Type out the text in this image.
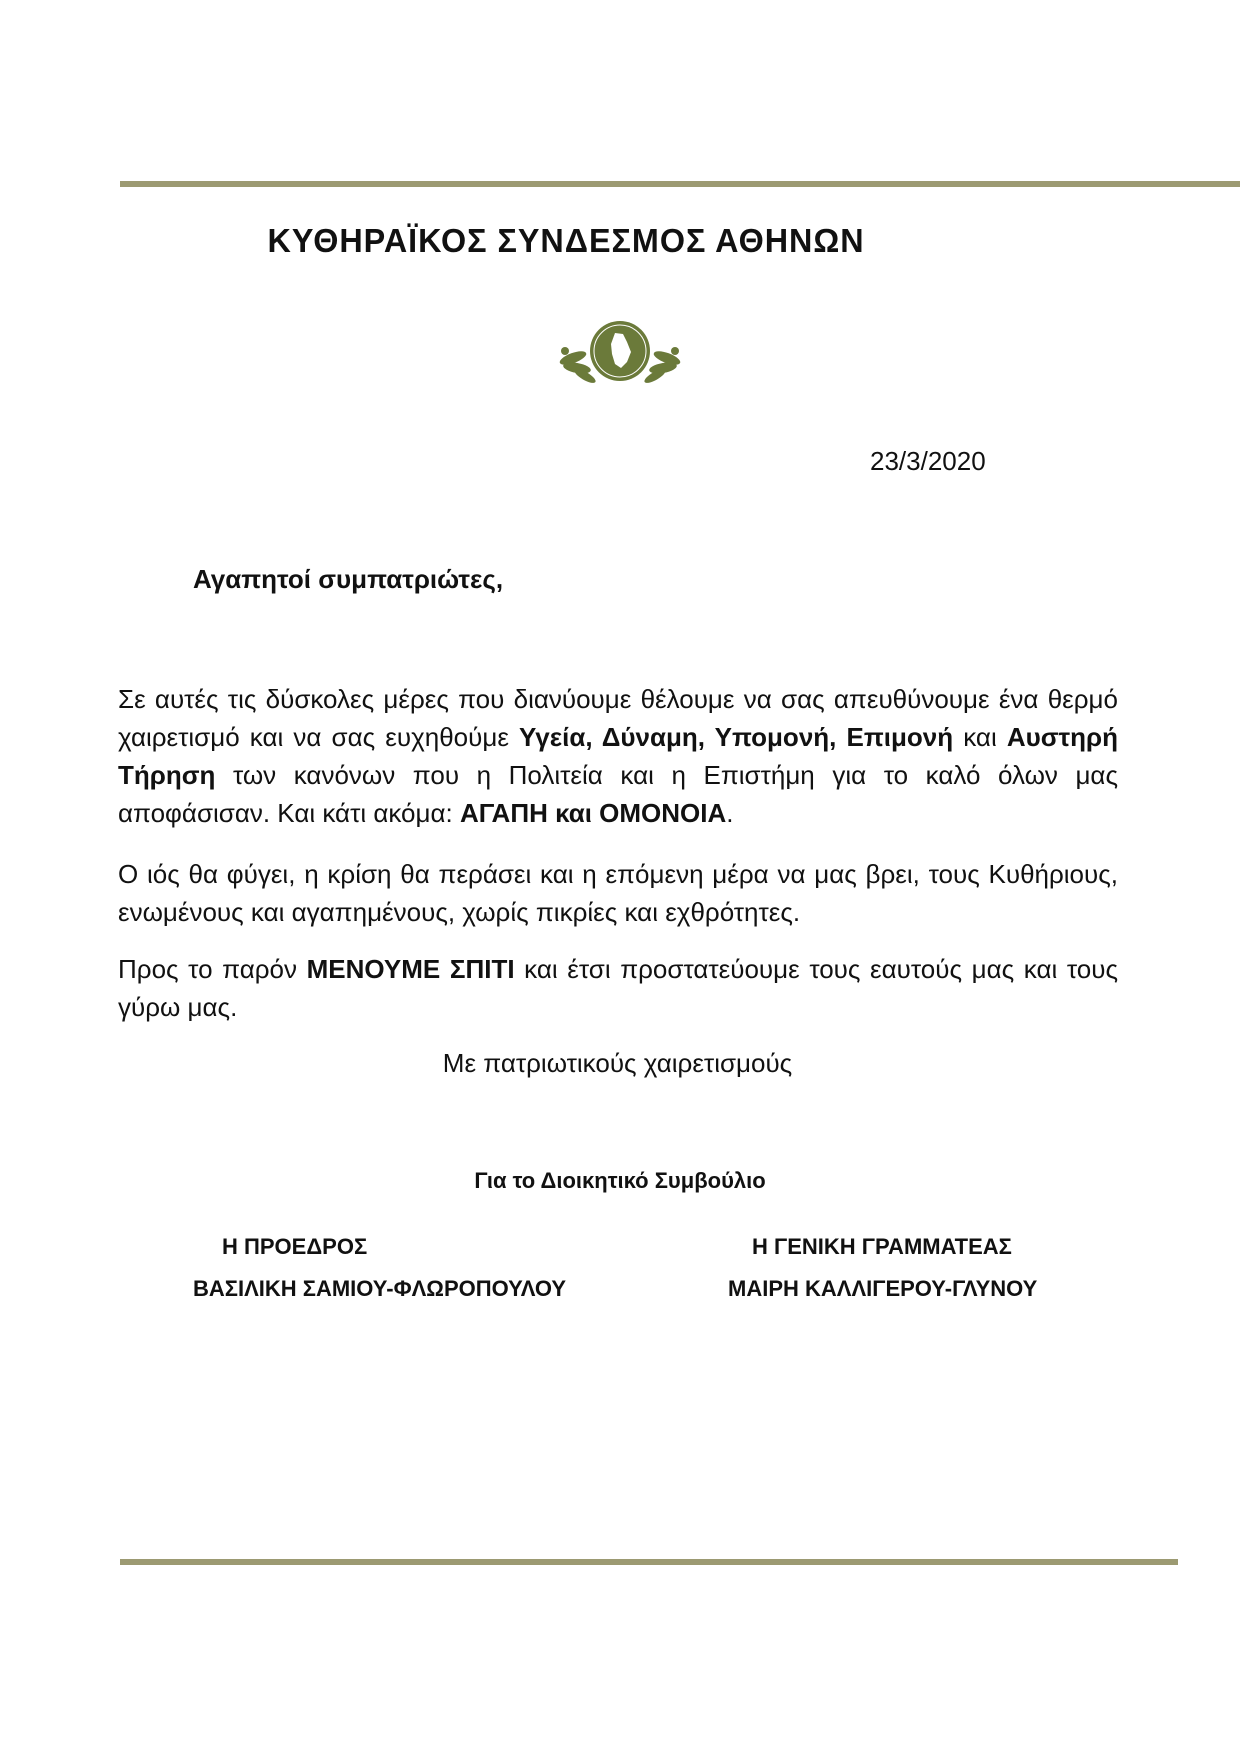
ΚΥΘΗΡΑΪΚΟΣ ΣΥΝΔΕΣΜΟΣ ΑΘΗΝΩΝ
23/3/2020
Αγαπητοί συμπατριώτες,
Σε αυτές τις δύσκολες μέρες που διανύουμε θέλουμε να σας απευθύνουμε ένα θερμό χαιρετισμό και να σας ευχηθούμε Υγεία, Δύναμη, Υπομονή, Επιμονή και Αυστηρή Τήρηση των κανόνων που η Πολιτεία και η Επιστήμη για το καλό όλων μας αποφάσισαν. Και κάτι ακόμα: ΑΓΑΠΗ και ΟΜΟΝΟΙΑ.
Ο ιός θα φύγει, η κρίση θα περάσει και η επόμενη μέρα να μας βρει, τους Κυθήριους, ενωμένους και αγαπημένους, χωρίς πικρίες και εχθρότητες.
Προς το παρόν ΜΕΝΟΥΜΕ ΣΠΙΤΙ και έτσι προστατεύουμε τους εαυτούς μας και τους γύρω μας.
Με πατριωτικούς χαιρετισμούς
Για το Διοικητικό Συμβούλιο
Η ΠΡΟΕΔΡΟΣ
ΒΑΣΙΛΙΚΗ ΣΑΜΙΟΥ-ΦΛΩΡΟΠΟΥΛΟΥ
Η ΓΕΝΙΚΗ ΓΡΑΜΜΑΤΕΑΣ
ΜΑΙΡΗ ΚΑΛΛΙΓΕΡΟΥ-ΓΛΥΝΟΥ
